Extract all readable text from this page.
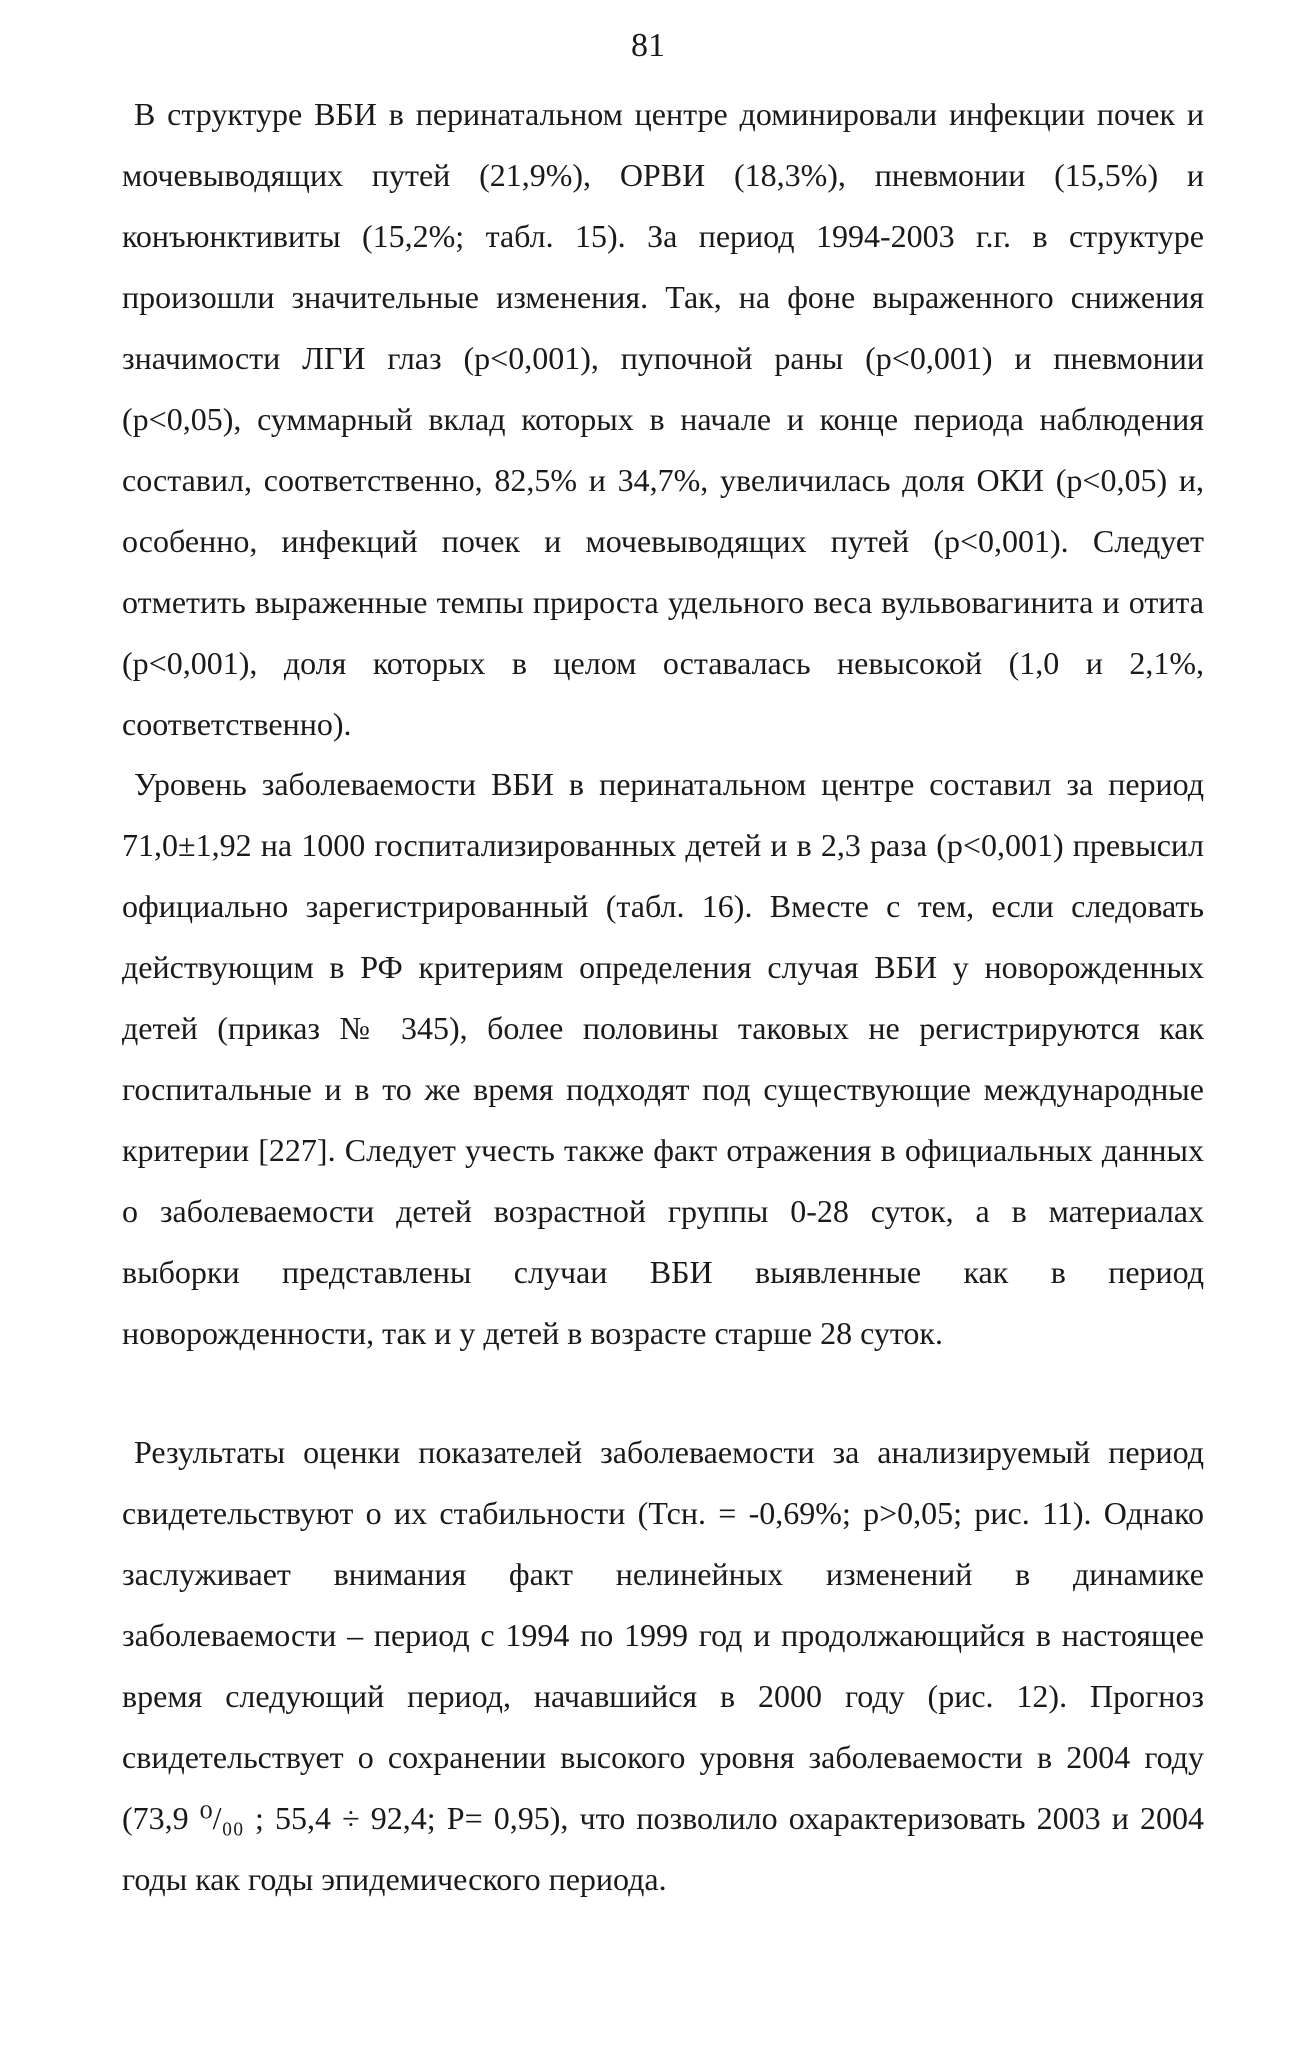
81

В структуре ВБИ в перинатальном центре доминировали инфекции почек и мочевыводящих путей (21,9%), ОРВИ (18,3%), пневмонии (15,5%) и конъюнктивиты (15,2%; табл. 15). За период 1994-2003 г.г. в структуре произошли значительные изменения. Так, на фоне выраженного снижения значимости ЛГИ глаз (p<0,001), пупочной раны (p<0,001) и пневмонии (p<0,05), суммарный вклад которых в начале и конце периода наблюдения составил, соответственно, 82,5% и 34,7%, увеличилась доля ОКИ (p<0,05) и, особенно, инфекций почек и мочевыводящих путей (p<0,001). Следует отметить выраженные темпы прироста удельного веса вульвовагинита и отита (p<0,001), доля которых в целом оставалась невысокой (1,0 и 2,1%, соответственно).

Уровень заболеваемости ВБИ в перинатальном центре составил за период 71,0±1,92 на 1000 госпитализированных детей и в 2,3 раза (p<0,001) превысил официально зарегистрированный (табл. 16). Вместе с тем, если следовать действующим в РФ критериям определения случая ВБИ у новорожденных детей (приказ № 345), более половины таковых не регистрируются как госпитальные и в то же время подходят под существующие международные критерии [227]. Следует учесть также факт отражения в официальных данных о заболеваемости детей возрастной группы 0-28 суток, а в материалах выборки представлены случаи ВБИ выявленные как в период новорожденности, так и у детей в возрасте старше 28 суток.

Результаты оценки показателей заболеваемости за анализируемый период свидетельствуют о их стабильности (Тсн. = -0,69%; p>0,05; рис. 11). Однако заслуживает внимания факт нелинейных изменений в динамике заболеваемости – период с 1994 по 1999 год и продолжающийся в настоящее время следующий период, начавшийся в 2000 году (рис. 12). Прогноз свидетельствует о сохранении высокого уровня заболеваемости в 2004 году (73,9 ⁰/₀₀ ; 55,4 ÷ 92,4; P= 0,95), что позволило охарактеризовать 2003 и 2004 годы как годы эпидемического периода.
